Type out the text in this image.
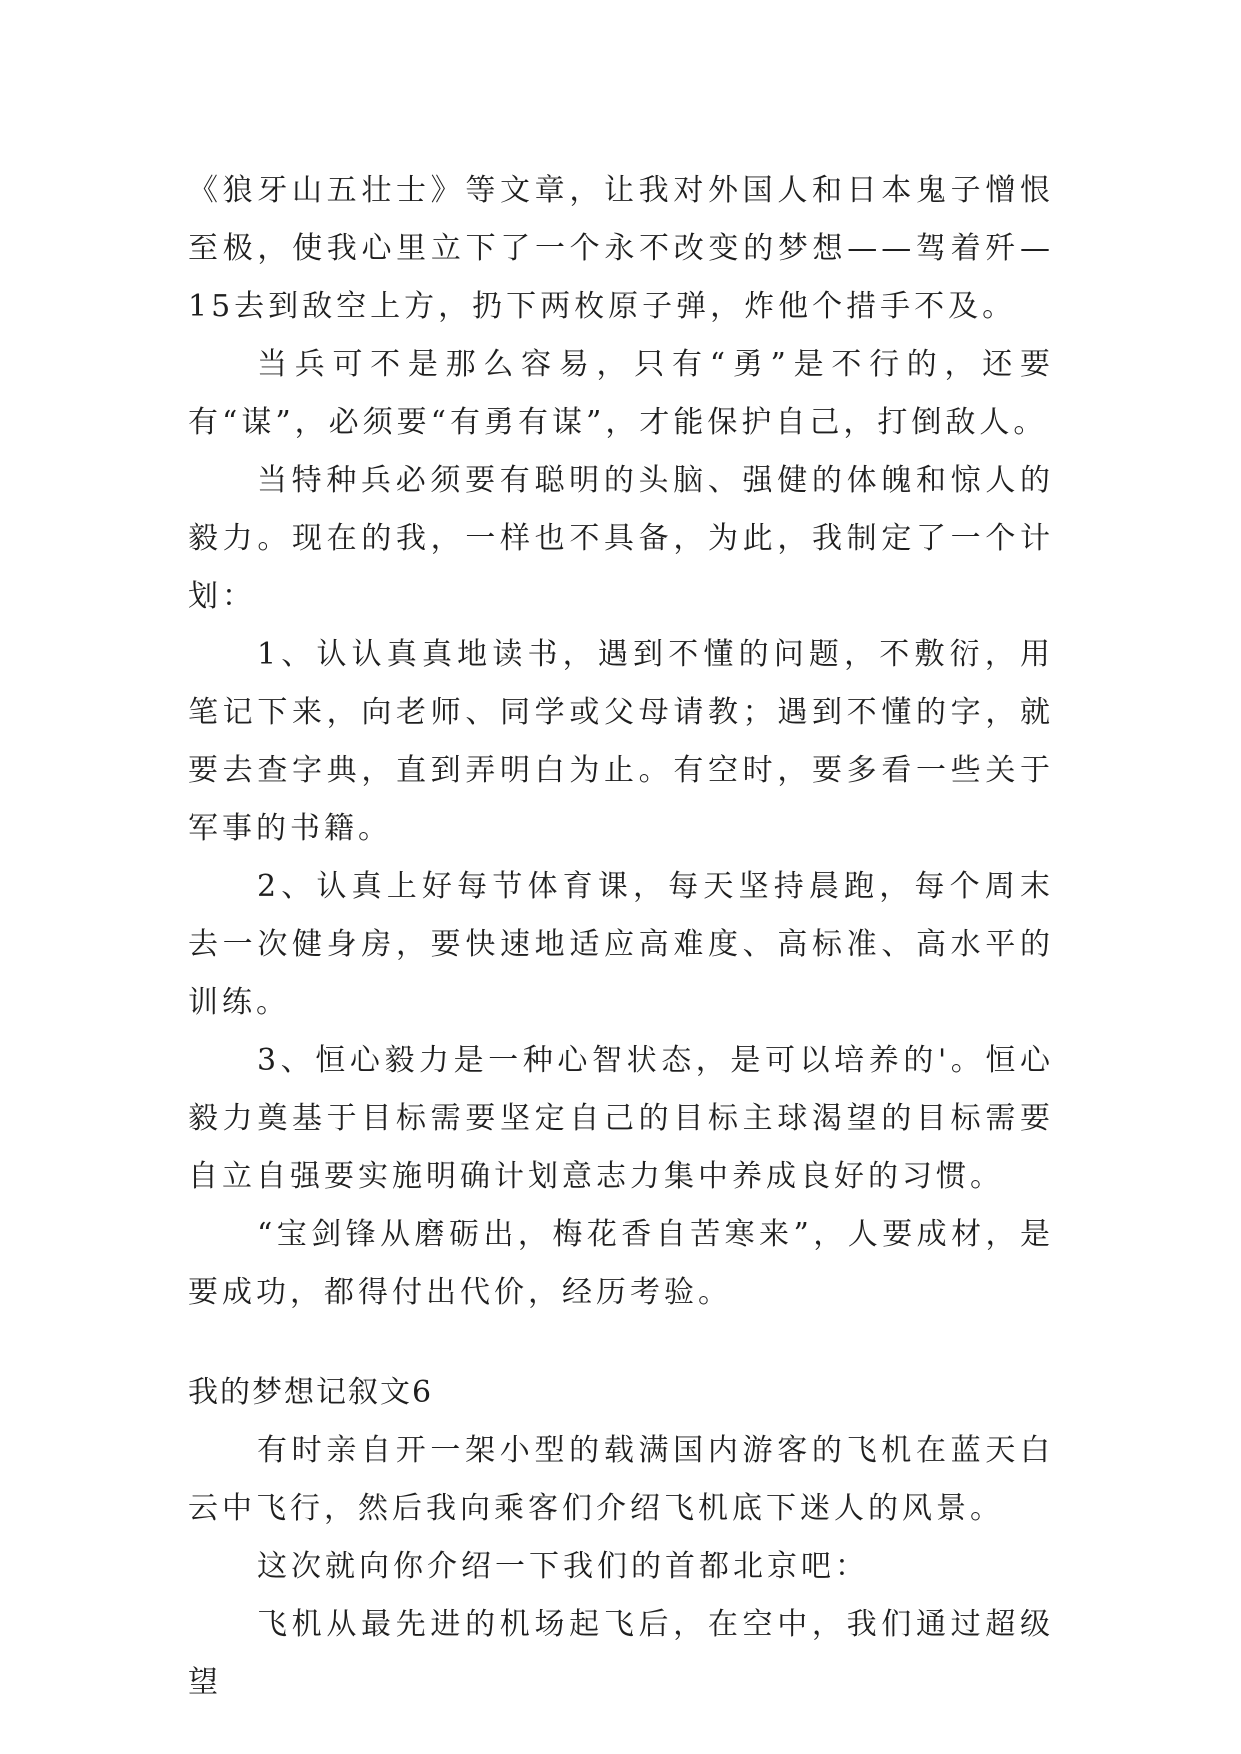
《狼牙山五壮士》等文章，让我对外国人和日本鬼子憎恨至极，使我心里立下了一个永不改变的梦想——驾着歼—15去到敌空上方，扔下两枚原子弹，炸他个措手不及。

当兵可不是那么容易，只有“勇”是不行的，还要有“谋”，必须要“有勇有谋”，才能保护自己，打倒敌人。

当特种兵必须要有聪明的头脑、强健的体魄和惊人的毅力。现在的我，一样也不具备，为此，我制定了一个计划：

1、认认真真地读书，遇到不懂的问题，不敷衍，用笔记下来，向老师、同学或父母请教；遇到不懂的字，就要去查字典，直到弄明白为止。有空时，要多看一些关于军事的书籍。

2、认真上好每节体育课，每天坚持晨跑，每个周末去一次健身房，要快速地适应高难度、高标准、高水平的训练。

3、恒心毅力是一种心智状态，是可以培养的'。恒心毅力奠基于目标需要坚定自己的目标主球渴望的目标需要自立自强要实施明确计划意志力集中养成良好的习惯。

“宝剑锋从磨砺出，梅花香自苦寒来”，人要成材，是要成功，都得付出代价，经历考验。

我的梦想记叙文6

有时亲自开一架小型的载满国内游客的飞机在蓝天白云中飞行，然后我向乘客们介绍飞机底下迷人的风景。

这次就向你介绍一下我们的首都北京吧：

飞机从最先进的机场起飞后，在空中，我们通过超级望
